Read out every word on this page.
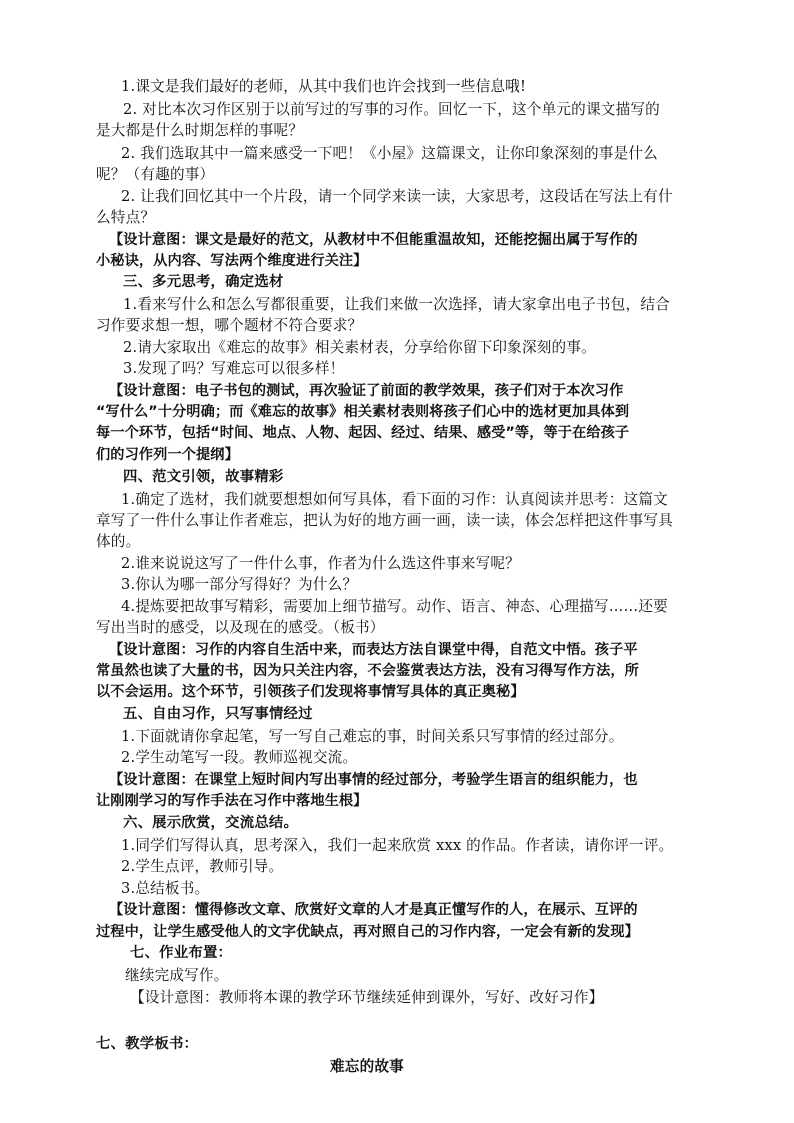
1.课文是我们最好的老师，从其中我们也许会找到一些信息哦!
2. 对比本次习作区别于以前写过的写事的习作。回忆一下，这个单元的课文描写的
是大都是什么时期怎样的事呢？
2. 我们选取其中一篇来感受一下吧！《小屋》这篇课文，让你印象深刻的事是什么
呢？（有趣的事）
2. 让我们回忆其中一个片段，请一个同学来读一读，大家思考，这段话在写法上有什
么特点？
【设计意图：课文是最好的范文，从教材中不但能重温故知，还能挖掘出属于写作的
小秘诀，从内容、写法两个维度进行关注】
三、多元思考，确定选材
1.看来写什么和怎么写都很重要，让我们来做一次选择，请大家拿出电子书包，结合
习作要求想一想，哪个题材不符合要求？
2.请大家取出《难忘的故事》相关素材表，分享给你留下印象深刻的事。
3.发现了吗？写难忘可以很多样！
【设计意图：电子书包的测试，再次验证了前面的教学效果，孩子们对于本次习作
“写什么”十分明确；而《难忘的故事》相关素材表则将孩子们心中的选材更加具体到
每一个环节，包括“时间、地点、人物、起因、经过、结果、感受”等，等于在给孩子
们的习作列一个提纲】
四、范文引领，故事精彩
1.确定了选材，我们就要想想如何写具体，看下面的习作：认真阅读并思考：这篇文
章写了一件什么事让作者难忘，把认为好的地方画一画，读一读，体会怎样把这件事写具
体的。
2.谁来说说这写了一件什么事，作者为什么选这件事来写呢？
3.你认为哪一部分写得好？为什么？
4.提炼要把故事写精彩，需要加上细节描写。动作、语言、神态、心理描写……还要
写出当时的感受，以及现在的感受。（板书）
【设计意图：习作的内容自生活中来，而表达方法自课堂中得，自范文中悟。孩子平
常虽然也读了大量的书，因为只关注内容，不会鉴赏表达方法，没有习得写作方法，所
以不会运用。这个环节，引领孩子们发现将事情写具体的真正奥秘】
五、自由习作，只写事情经过
1.下面就请你拿起笔，写一写自己难忘的事，时间关系只写事情的经过部分。
2.学生动笔写一段。教师巡视交流。
【设计意图：在课堂上短时间内写出事情的经过部分，考验学生语言的组织能力，也
让刚刚学习的写作手法在习作中落地生根】
六、展示欣赏，交流总结。
1.同学们写得认真，思考深入，我们一起来欣赏 xxx 的作品。作者读，请你评一评。
2.学生点评，教师引导。
3.总结板书。
【设计意图：懂得修改文章、欣赏好文章的人才是真正懂写作的人，在展示、互评的
过程中，让学生感受他人的文字优缺点，再对照自己的习作内容，一定会有新的发现】
七、作业布置：
继续完成写作。
【设计意图：教师将本课的教学环节继续延伸到课外，写好、改好习作】
七、教学板书：
难忘的故事
